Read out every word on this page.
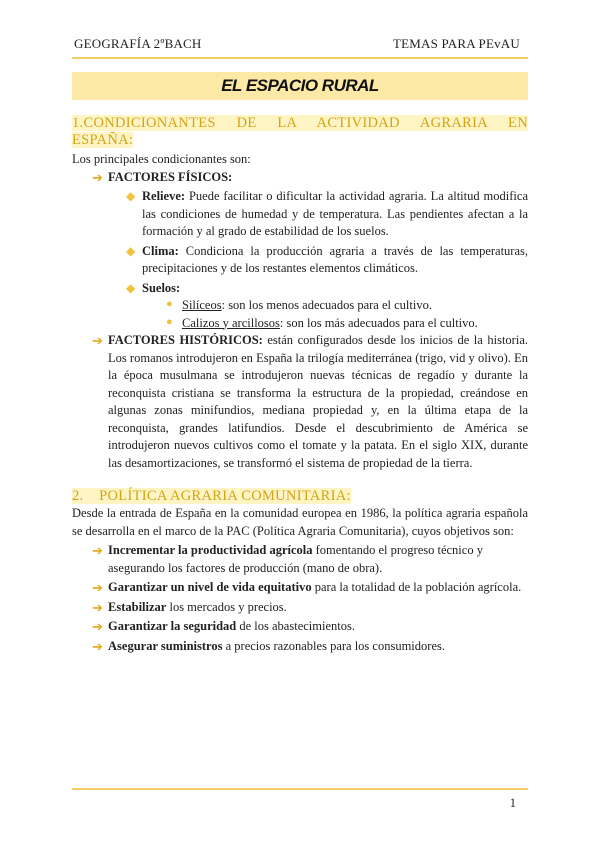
GEOGRAFÍA 2ºBACH	TEMAS PARA PEvAU
EL ESPACIO RURAL

1.CONDICIONANTES DE LA ACTIVIDAD AGRARIA EN

ESPAÑA:

Los principales condicionantes son:

➔ FACTORES FÍSICOS:
◆ Relieve: Puede facilitar o dificultar la actividad agraria. La altitud modifica las condiciones de humedad y de temperatura. Las pendientes afectan a la formación y al grado de estabilidad de los suelos.
◆ Clima: Condiciona la producción agraria a través de las temperaturas, precipitaciones y de los restantes elementos climáticos.
◆ Suelos:
● Silíceos: son los menos adecuados para el cultivo.
● Calizos y arcillosos: son los más adecuados para el cultivo.
➔ FACTORES HISTÓRICOS: están configurados desde los inicios de la historia. Los romanos introdujeron en España la trilogía mediterránea (trigo, vid y olivo). En la época musulmana se introdujeron nuevas técnicas de regadío y durante la reconquista cristiana se transforma la estructura de la propiedad, creándose en algunas zonas minifundios, mediana propiedad y, en la última etapa de la reconquista, grandes latifundios. Desde el descubrimiento de América se introdujeron nuevos cultivos como el tomate y la patata. En el siglo XIX, durante las desamortizaciones, se transformó el sistema de propiedad de la tierra.

2.    POLÍTICA AGRARIA COMUNITARIA:

Desde la entrada de España en la comunidad europea en 1986, la política agraria española se desarrolla en el marco de la PAC (Política Agraria Comunitaria), cuyos objetivos son:

➔ Incrementar la productividad agrícola fomentando el progreso técnico y asegurando los factores de producción (mano de obra).
➔ Garantizar un nivel de vida equitativo para la totalidad de la población agrícola.
➔ Estabilizar los mercados y precios.
➔ Garantizar la seguridad de los abastecimientos.
➔ Asegurar suministros a precios razonables para los consumidores.
1
